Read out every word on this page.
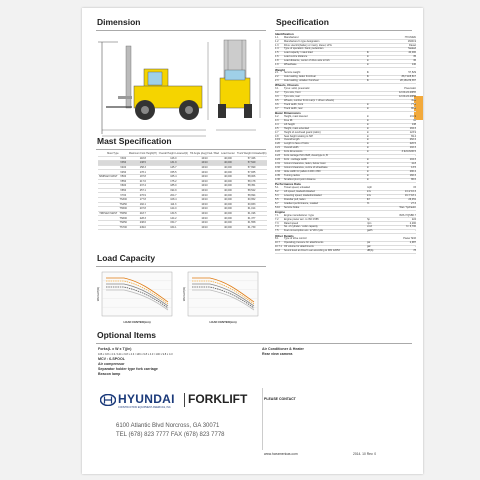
Dimension
Mast Specification
Mast Type		Maximum Fork Height(H)	Overall Height Lowered(b)	Tilt Angle (deg) Fwd / Bwd	Load Center	Truck Weight Unloaded(lb)
	V300	118.8	126.0	10/10	40,000	57,346
	V350	138.5	131.9	10/10	40,000	57,529
	V400	158.3	145.7	10/10	40,000	57,699
	V450	178.1	155.5	10/10	40,000	57,835
SIMPLEX MAST	V500	197.8	165.4	10/10	40,000	58,006
	V550	217.6	175.2	10/10	40,000	58,178
	V600	237.4	185.0	10/10	40,000	58,351
	V650	257.1	194.9	10/10	40,000	58,522
	V700	276.9	204.7	10/10	40,000	58,694
	TS300	177.8	108.4	10/10	40,000	60,652
	TS450	192.1	114.3	10/10	40,000	60,833
	TS500	207.8	124.0	10/10	40,000	61,014
TRIPLEX MAST	TS550	218.7	134.5	10/10	40,000	61,196
	TS600	228.3	144.2	10/10	40,000	61,377
	TS650	238.6	154.7	10/10	40,000	61,558
	TS700	249.0	164.1	10/10	40,000	61,739
Load Capacity
WEIGHT(lb)
LOAD CENTER(mm)
WEIGHT(lb)
LOAD CENTER(mm)
Optional Items
Forks(L x W x T)(in)
106 x 9.8 x 4.3 / 124 x 9.8 x 4.3 / 146 x 9.8 x 4.3 / 146 x 9.8 x 4.3
MCV : 6-SPOOL
Air compressor
Separator holder type fork carriage
Beacon lamp
Air Conditioner & Heater
Rear view camera
Specification
Identification
1.1 Manufacturer	HYUNDAI
1.2 Manufacturer's type designation	160D-9
1.3 Drive: electric(battery or main), diesel, LPG	Diesel
1.4 Type of operation: hand, pedestrian	Seated
1.5 Load capacity / rated load	lb	40,000
1.6 Load centre distance	in	35
1.8 Load distance, center of drive axle to fork	in	36
1.9 Wheelbase	in	140
Weight
2.1 Service weight	lb	57,529
2.2 Axle loading, laden front/rear	lb	88,711/8,817
2.3 Axle loading, unladen front/rear	lb	28,161/29,367
Wheels, Chassis
3.1 Tyres: solid, pneumatic	Pneumatic
3.2 Tyre size, front	12.00-24-20PR
3.3 Tyre size, rear	12.00-24-20PR
3.5 Wheels, number front rear(x = driven wheels)	4x/2
3.6 Track width, front	in	77.2
3.7 Track width, rear	in	80.6
Basic Dimensions
4.2 Height, mast lowered	in	131.9
4.3 Free lift	in	10
4.4 Lift height	in	138
4.5 Height, mast extended	in	194.3
4.7 Height of overhead guard (cabin)	in	123.9
4.8 Seat height relating to SIP	in	69.4
4.19 Overall length	in	262.4
4.20 Length to face of forks	in	220.5
4.21 Overall width	in	102.3
4.22 Fork dimensions	in	3.9x9.8x96.5
4.23 Fork carriage ISO 2328, class/type A, B	-
4.24 Fork - carriage width	in	104.3
4.31 Ground clearance, laden, below mast	in	11.8
4.32 Ground clearance, centre of wheelbase	in	13.5
4.34 Aisle width for pallets 1200 x 800	in	290.4
4.35 Turning radius	in	182.3
4.36 Smallest pivot point distance	in	86.6
Performance Data
5.1 Travel speed, unloaded	mph	15
5.2 Lift speed, loaded/unloaded	in/s	13.4/ 16.3
5.3 Lowering speed, loaded/unloaded	in/s	19.7/ 18.1
5.5 Drawbar pull, laden	lbf	26,451
5.7 Gradient performance, Loaded	%	27.3
5.10 Service brake	Wet / hydraulic
Engine
7.1 Engine manufacturer / type	ISX6.7/QSB6.7
7.2 Engine power acc. to ISO 1585	hp	224
7.3 Rated speed	rpm	2,200
7.4 No. of cylinder / cubic capacity	cm3	6 / 6,700
7.5 Fuel consumption acc. to VDI cycle	gal/h	-
Other Details
8.1 Type of drive control	Power Shift
10.7 Operating pressure for attachments	psi	2,987
10.7.1 Oil volume for attachments	gal	-
10.8 Sound level at driver's ear according to DIN 12053	dB(A)	78
HYUNDAI
CONSTRUCTION EQUIPMENT AMERICAS, INC.
FORKLIFT
6100 Atlantic Blvd Norcross, GA 30071
TEL (678) 823 7777 FAX (678) 823 7778
PLEASE CONTACT
www.hceamericas.com	2014. 10 Rev. 0
